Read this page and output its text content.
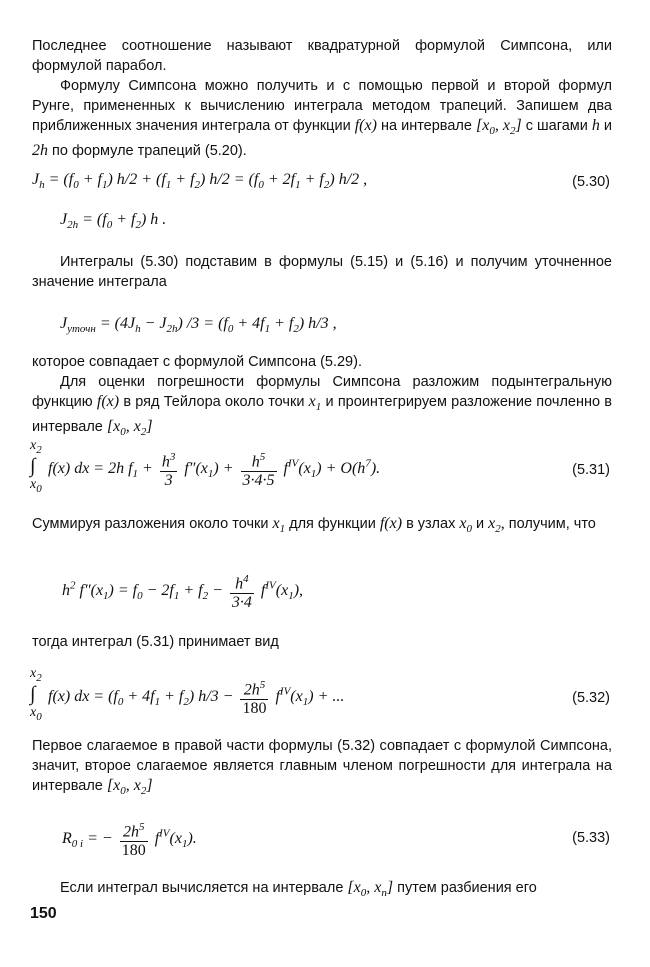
Последнее соотношение называют квадратурной формулой Симпсона, или формулой парабол.
Формулу Симпсона можно получить и с помощью первой и второй формул Рунге, примененных к вычислению интеграла методом трапеций. Запишем два приближенных значения интеграла от функции f(x) на интервале [$x_0$, $x_2$] с шагами h и 2h по формуле трапеций (5.20).
$J_h = (f_0 + f_1) h/2 + (f_1 + f_2) h/2 = (f_0 + 2f_1 + f_2)$ h/2 ,	(5.30)
$J_{2h} = (f_0 + f_2)$ h .
Интегралы (5.30) подставим в формулы (5.15) и (5.16) и получим уточненное значение интеграла
$J_{уточн} = (4J_h - J_{2h}) /3 = (f_0 + 4f_1 + f_2)$ h/3 ,
которое совпадает с формулой Симпсона (5.29).
Для оценки погрешности формулы Симпсона разложим подынтегральную функцию f(x) в ряд Тейлора около точки $x_1$ и проинтегрируем разложение почленно в интервале [$x_0$, $x_2$]
$x_2$
∫
$x_0$
f(x) dx = 2h $f_1 + \frac{h^3}{3} f''(x_1) + \frac{h^5}{3\cdot 4\cdot 5} f^{IV}(x_1) + O(h^7)$.	(5.31)
Суммируя разложения около точки $x_1$ для функции f(x) в узлах $x_0$ и $x_2$, получим, что
$h^2$ $f''(x_1) = f_0 - 2f_1 + f_2 - \frac{h^4}{3\cdot 4} f^{IV}(x_1)$,
тогда интеграл (5.31) принимает вид
$x_2$
∫
$x_0$
f(x) dx = $(f_0 + 4f_1 + f_2) h/3 - \frac{2h^5}{180} f^{IV}(x_1)$ + ...	(5.32)
Первое слагаемое в правой части формулы (5.32) совпадает с формулой Симпсона, значит, второе слагаемое является главным членом погрешности для интеграла на интервале [$x_0$, $x_2$]
$R_{0 i}$ = − $\frac{2h^5}{180} f^{IV}(x_1)$.	(5.33)
Если интеграл вычисляется на интервале [$x_0$, $x_n$] путем разбиения его
150
